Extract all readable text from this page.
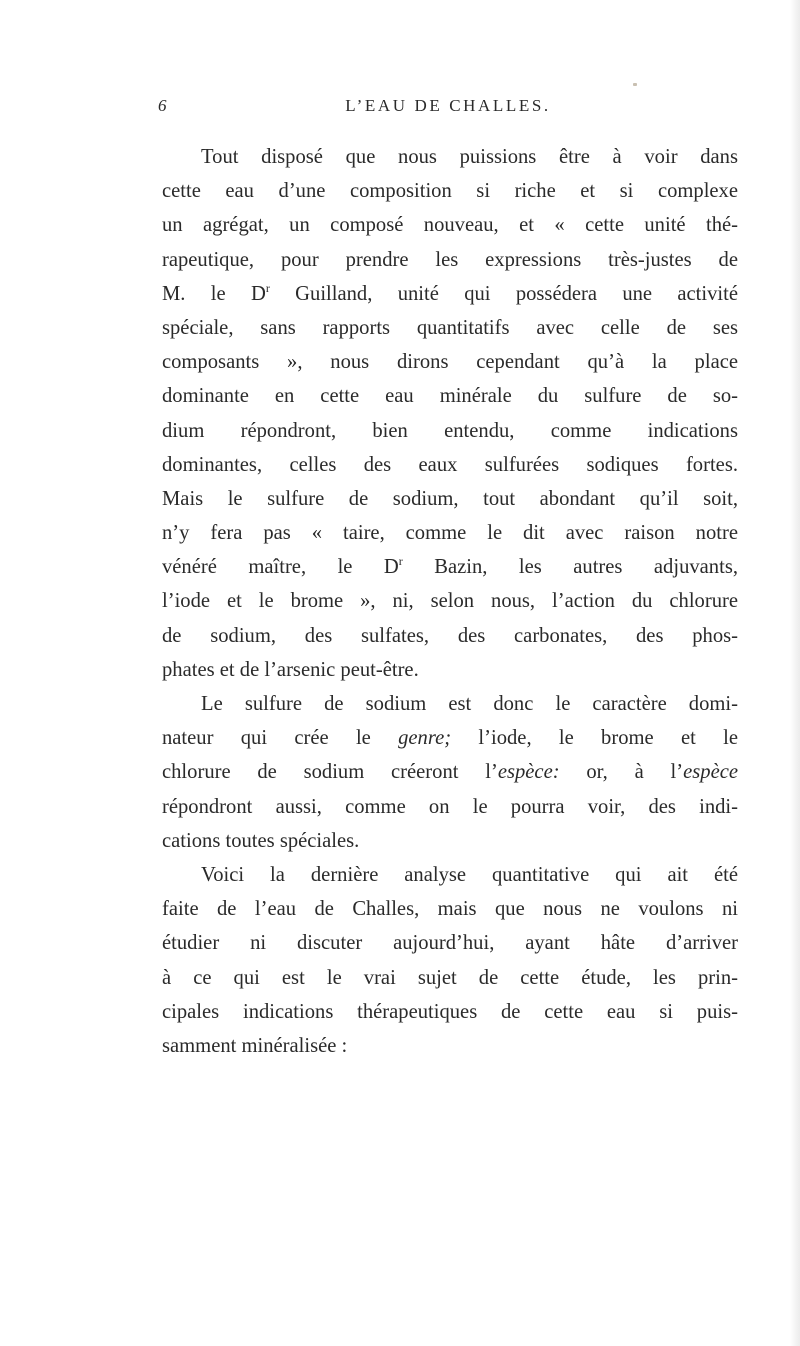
6	L’EAU DE CHALLES.
Tout disposé que nous puissions être à voir dans
cette eau d’une composition si riche et si complexe
un agrégat, un composé nouveau, et « cette unité thé-
rapeutique, pour prendre les expressions très-justes de
M. le $D^r$ Guilland, unité qui possédera une activité
spéciale, sans rapports quantitatifs avec celle de ses
composants », nous dirons cependant qu’à la place
dominante en cette eau minérale du sulfure de so-
dium répondront, bien entendu, comme indications
dominantes, celles des eaux sulfurées sodiques fortes.
Mais le sulfure de sodium, tout abondant qu’il soit,
n’y fera pas « taire, comme le dit avec raison notre
vénéré maître, le $D^r$ Bazin, les autres adjuvants,
l’iode et le brome », ni, selon nous, l’action du chlorure
de sodium, des sulfates, des carbonates, des phos-
phates et de l’arsenic peut-être.
Le sulfure de sodium est donc le caractère domi-
nateur qui crée le genre; l’iode, le brome et le
chlorure de sodium créeront l’espèce: or, à l’espèce
répondront aussi, comme on le pourra voir, des indi-
cations toutes spéciales.
Voici la dernière analyse quantitative qui ait été
faite de l’eau de Challes, mais que nous ne voulons ni
étudier ni discuter aujourd’hui, ayant hâte d’arriver
à ce qui est le vrai sujet de cette étude, les prin-
cipales indications thérapeutiques de cette eau si puis-
samment minéralisée :
